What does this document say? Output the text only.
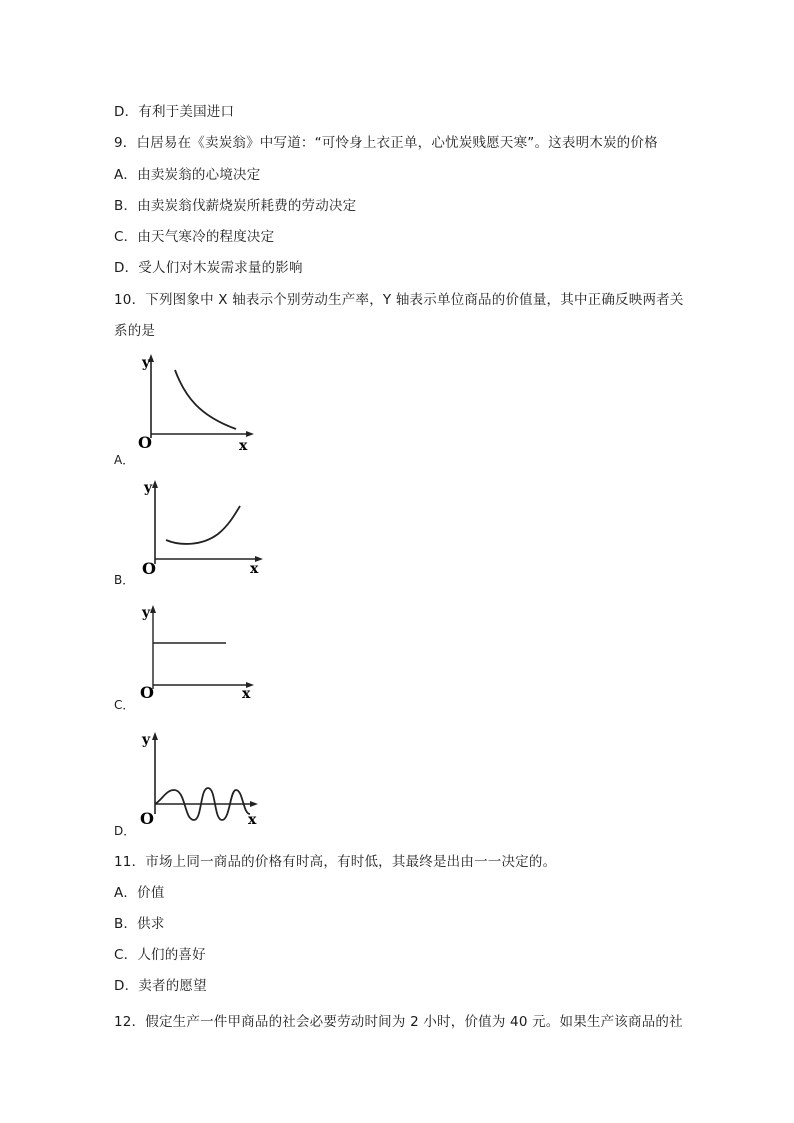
D．有利于美国进口
9．白居易在《卖炭翁》中写道：“可怜身上衣正单，心忧炭贱愿天寒”。这表明木炭的价格
A．由卖炭翁的心境决定
B．由卖炭翁伐薪烧炭所耗费的劳动决定
C．由天气寒冷的程度决定
D．受人们对木炭需求量的影响
10．下列图象中 X 轴表示个别劳动生产率，Y 轴表示单位商品的价值量，其中正确反映两者关
系的是
A．
y
x
O
B．
y
x
O
C．
y
x
O
D．
y
x
O
11．市场上同一商品的价格有时高，有时低，其最终是出由一一决定的。
A．价值
B．供求
C．人们的喜好
D．卖者的愿望
12．假定生产一件甲商品的社会必要劳动时间为 2 小时，价值为 40 元。如果生产该商品的社
